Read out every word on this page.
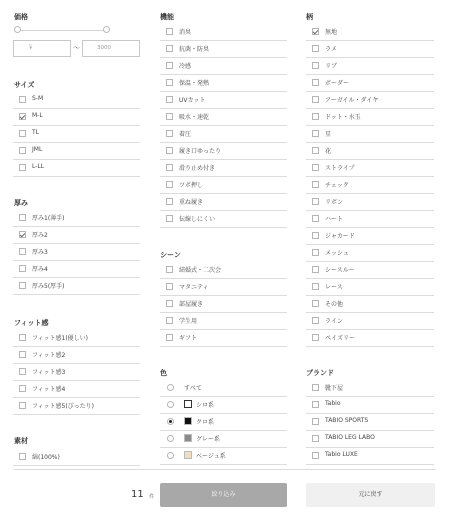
価格
￥	〜	3000
サイズ
S-M
M-L
TL
JML
L-LL
厚み
厚み1(薄手)
厚み2
厚み3
厚み4
厚み5(厚手)
フィット感
フィット感1(優しい)
フィット感2
フィット感3
フィット感4
フィット感5(ぴったり)
素材
綿(100%)
機能
消臭
抗菌・防臭
冷感
保温・発熱
UVカット
吸水・速乾
着圧
履き口ゆったり
滑り止め付き
ツボ押し
重ね履き
伝線しにくい
シーン
結婚式・二次会
マタニティ
部屋履き
学生用
ギフト
色
すべて
シロ系
クロ系
グレー系
ベージュ系
柄
無地
ラメ
リブ
ボーダー
アーガイル・ダイヤ
ドット・水玉
星
花
ストライプ
チェック
リボン
ハート
ジャカード
メッシュ
シースルー
レース
その他
ライン
ペイズリー
ブランド
靴下屋
Tabio
TABIO SPORTS
TABIO LEG LABO
Tabio LUXE
11 件	絞り込み	元に戻す
